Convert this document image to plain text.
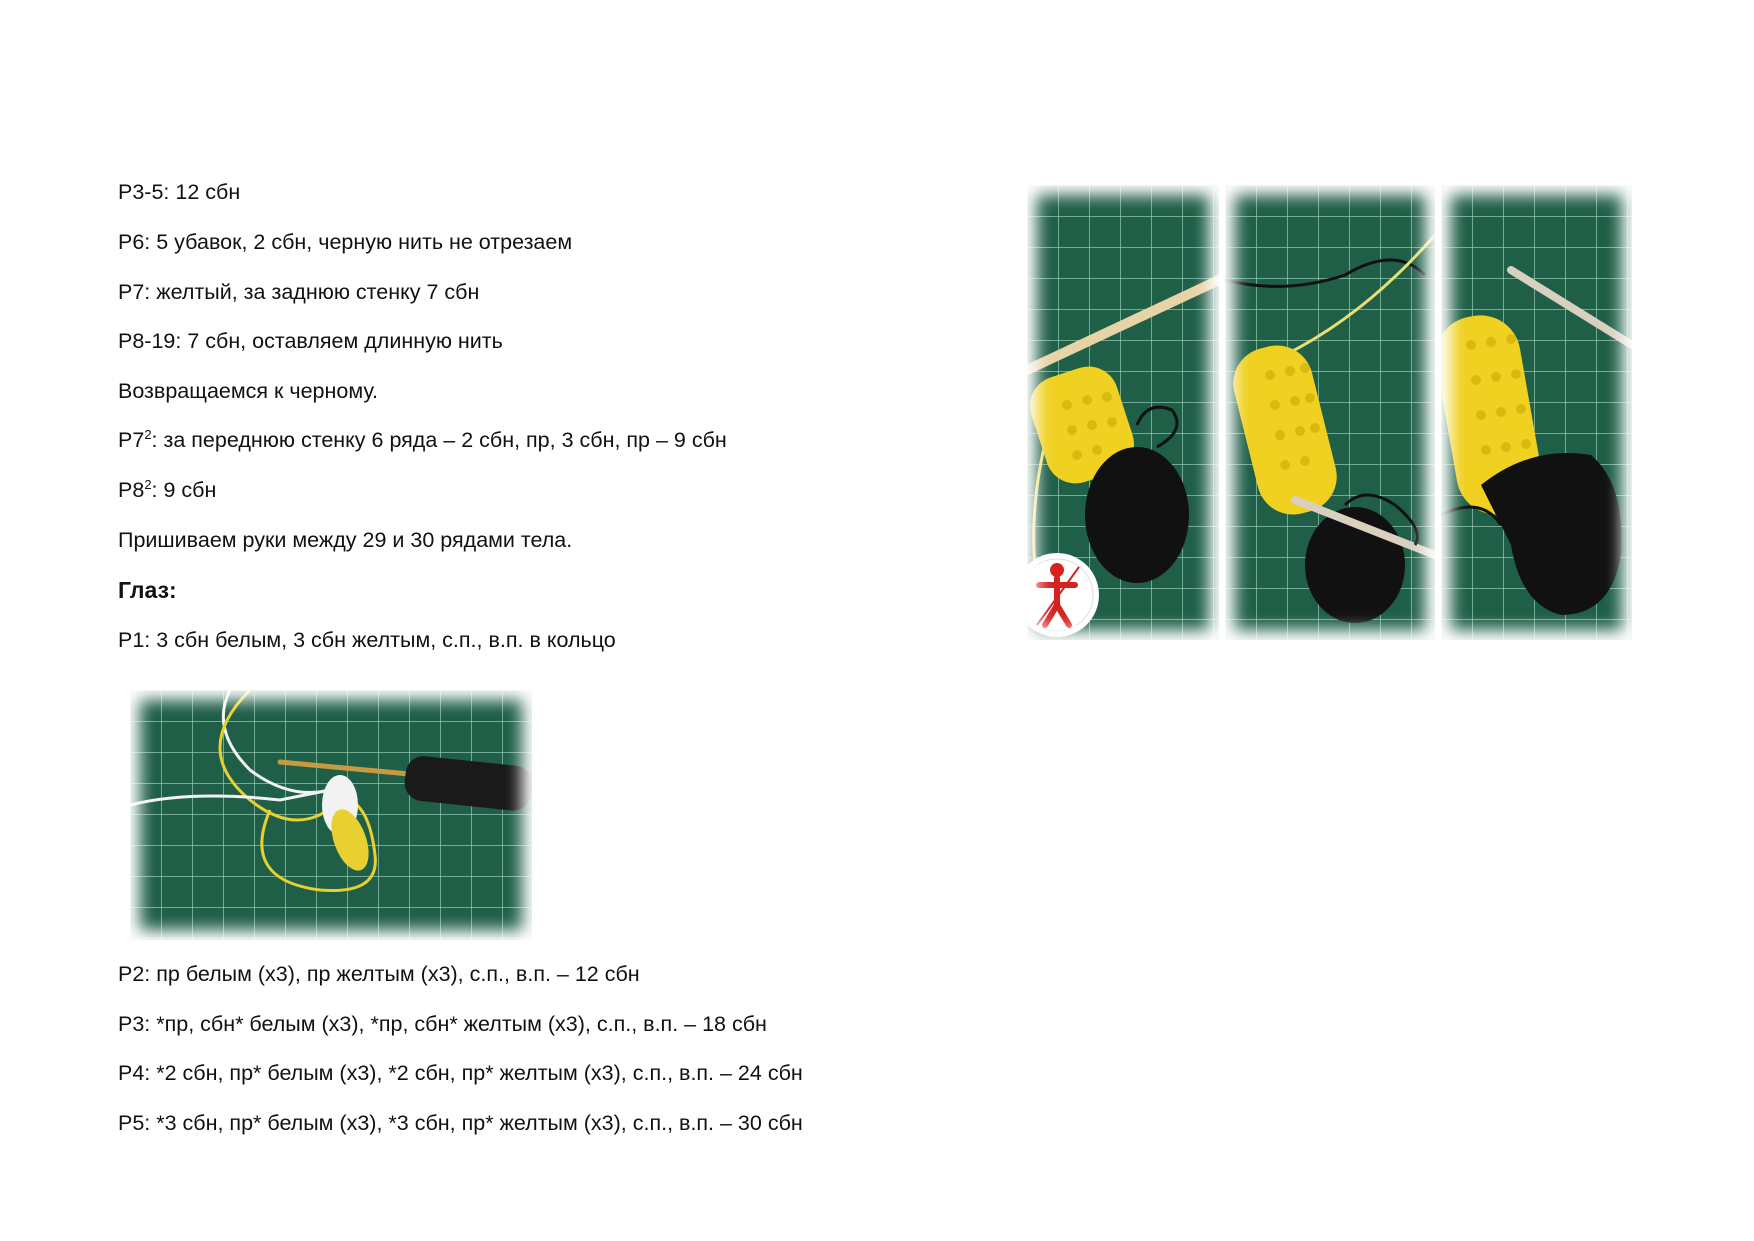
Р3-5: 12 сбн
Р6: 5 убавок, 2 сбн, черную нить не отрезаем
Р7: желтый, за заднюю стенку 7 сбн
Р8-19: 7 сбн, оставляем длинную нить
Возвращаемся к черному.
$Р7^2$: за переднюю стенку 6 ряда – 2 сбн, пр, 3 сбн, пр – 9 сбн
$Р8^2$: 9 сбн
Пришиваем руки между 29 и 30 рядами тела.
Глаз:
Р1: 3 сбн белым, 3 сбн желтым, с.п., в.п. в кольцо
Р2: пр белым (х3), пр желтым (х3), с.п., в.п. – 12 сбн
Р3: *пр, сбн* белым (х3), *пр, сбн* желтым (х3), с.п., в.п. – 18 сбн
Р4: *2 сбн, пр* белым (х3), *2 сбн, пр* желтым (х3), с.п., в.п. – 24 сбн
Р5: *3 сбн, пр* белым (х3), *3 сбн, пр* желтым (х3), с.п., в.п. – 30 сбн
